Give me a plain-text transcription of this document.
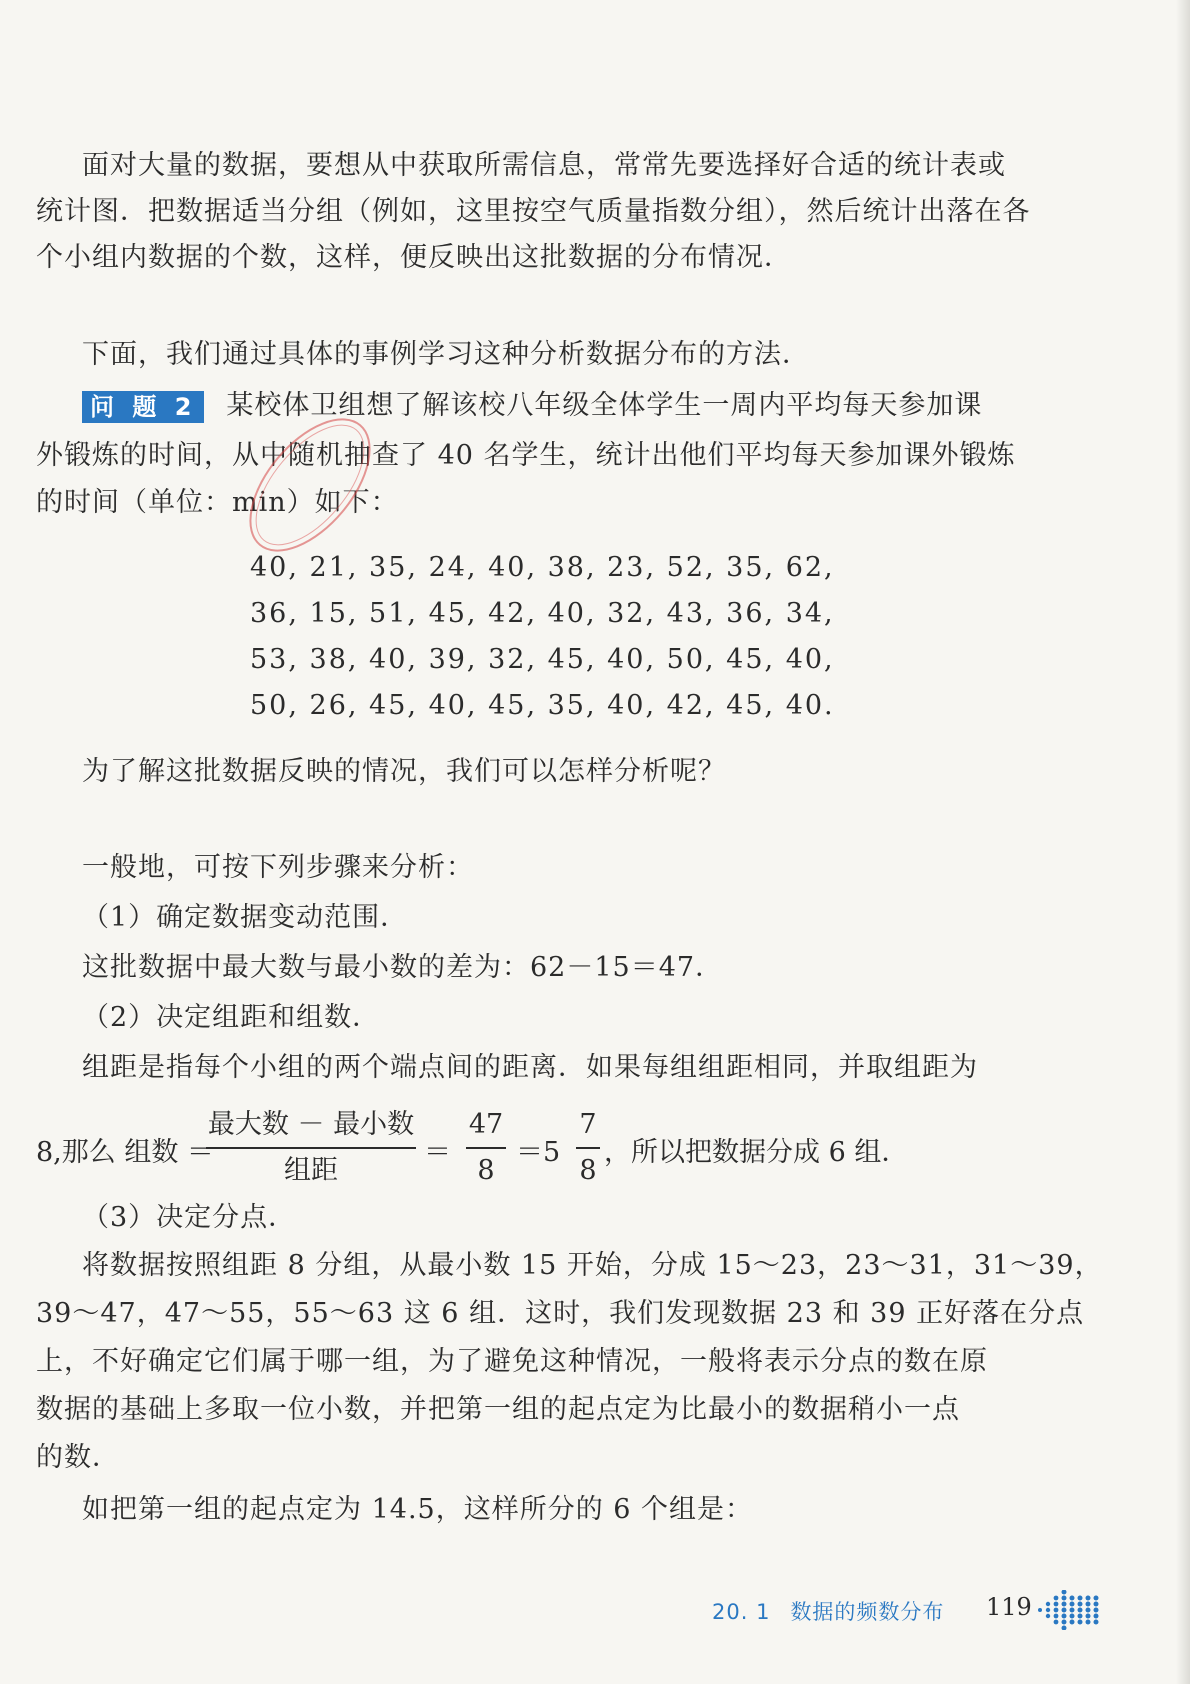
面对大量的数据，要想从中获取所需信息，常常先要选择好合适的统计表或
统计图．把数据适当分组（例如，这里按空气质量指数分组），然后统计出落在各
个小组内数据的个数，这样，便反映出这批数据的分布情况．
下面，我们通过具体的事例学习这种分析数据分布的方法．
问 题 2 某校体卫组想了解该校八年级全体学生一周内平均每天参加课
外锻炼的时间，从中随机抽查了 40 名学生，统计出他们平均每天参加课外锻炼
的时间（单位：min）如下：
40, 21, 35, 24, 40, 38, 23, 52, 35, 62,
36, 15, 51, 45, 42, 40, 32, 43, 36, 34,
53, 38, 40, 39, 32, 45, 40, 50, 45, 40,
50, 26, 45, 40, 45, 35, 40, 42, 45, 40.
为了解这批数据反映的情况，我们可以怎样分析呢？
一般地，可按下列步骤来分析：
（1）确定数据变动范围．
这批数据中最大数与最小数的差为：62－15＝47．
（2）决定组距和组数．
组距是指每个小组的两个端点间的距离．如果每组组距相同，并取组距为
8,那么 组数 ＝
最大数 － 最小数
组距
＝
47
8
＝5
7
8
，所以把数据分成 6 组．
（3）决定分点．
将数据按照组距 8 分组，从最小数 15 开始，分成 15～23，23～31，31～39，
39～47，47～55，55～63 这 6 组．这时，我们发现数据 23 和 39 正好落在分点
上，不好确定它们属于哪一组，为了避免这种情况，一般将表示分点的数在原
数据的基础上多取一位小数，并把第一组的起点定为比最小的数据稍小一点
的数．
如把第一组的起点定为 14.5，这样所分的 6 个组是：
20. 1 数据的频数分布 119
